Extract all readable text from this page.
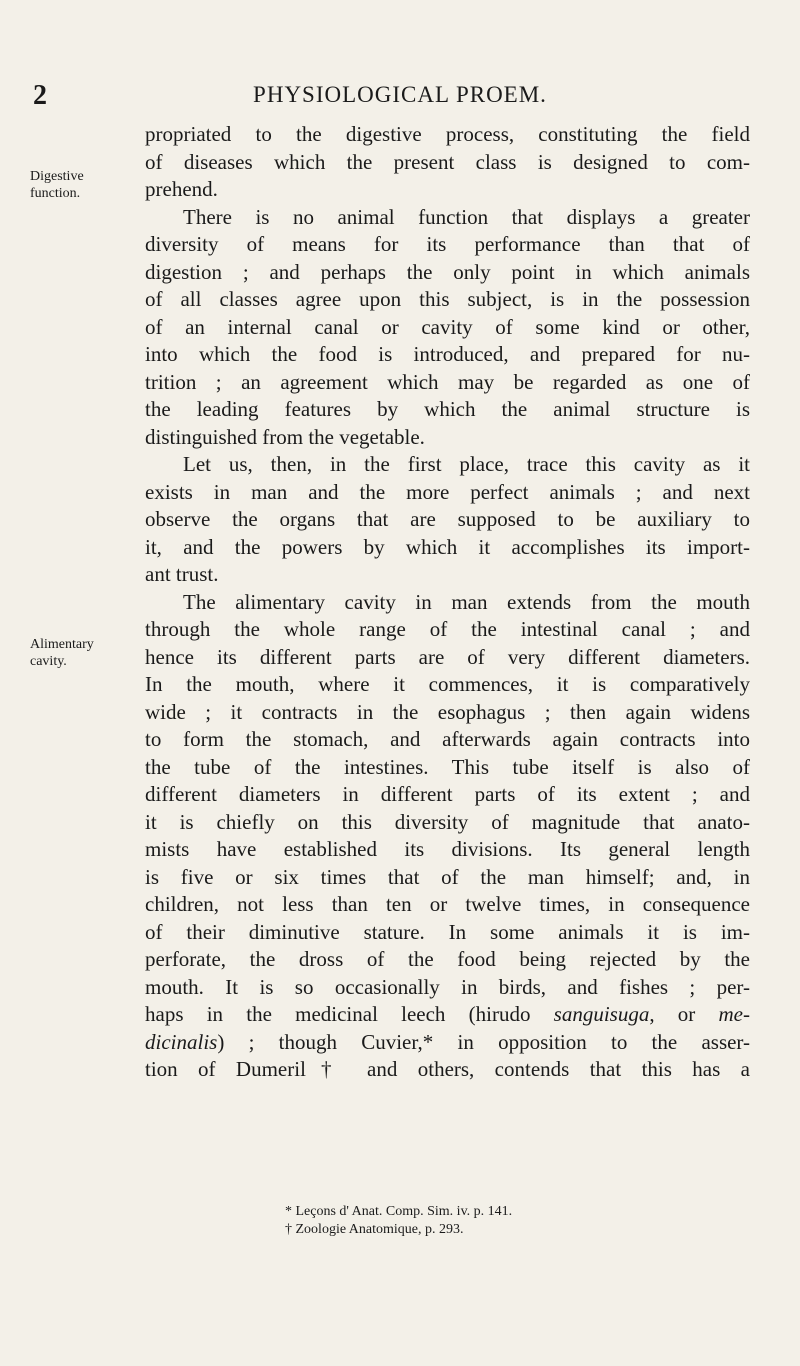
2	PHYSIOLOGICAL PROEM.
Digestive
function.
Alimentary
cavity.
propriated to the digestive process, constituting the field
of diseases which the present class is designed to com-
prehend.
There is no animal function that displays a greater
diversity of means for its performance than that of
digestion ; and perhaps the only point in which animals
of all classes agree upon this subject, is in the possession
of an internal canal or cavity of some kind or other,
into which the food is introduced, and prepared for nu-
trition ; an agreement which may be regarded as one of
the leading features by which the animal structure is
distinguished from the vegetable.
Let us, then, in the first place, trace this cavity as it
exists in man and the more perfect animals ; and next
observe the organs that are supposed to be auxiliary to
it, and the powers by which it accomplishes its import-
ant trust.
The alimentary cavity in man extends from the mouth
through the whole range of the intestinal canal ; and
hence its different parts are of very different diameters.
In the mouth, where it commences, it is comparatively
wide ; it contracts in the esophagus ; then again widens
to form the stomach, and afterwards again contracts into
the tube of the intestines. This tube itself is also of
different diameters in different parts of its extent ; and
it is chiefly on this diversity of magnitude that anato-
mists have established its divisions. Its general length
is five or six times that of the man himself; and, in
children, not less than ten or twelve times, in consequence
of their diminutive stature. In some animals it is im-
perforate, the dross of the food being rejected by the
mouth. It is so occasionally in birds, and fishes ; per-
haps in the medicinal leech (hirudo sanguisuga, or me-
dicinalis) ; though Cuvier,* in opposition to the asser-
tion of Dumeril† and others, contends that this has a
* Leçons d' Anat. Comp. Sim. iv. p. 141.
† Zoologie Anatomique, p. 293.
